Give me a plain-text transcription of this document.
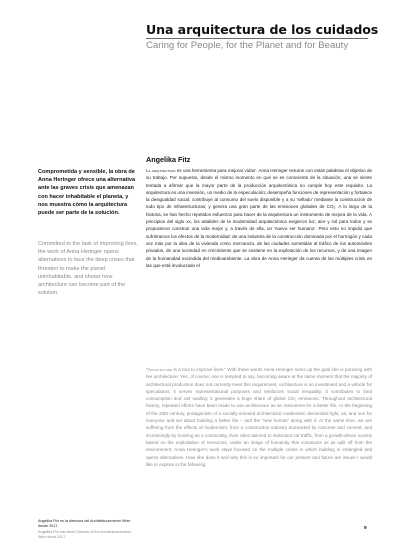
Una arquitectura de los cuidados
Caring for People, for the Planet and for Beauty
Comprometida y sensible, la obra de Anna Heringer ofrece una alternativa ante las graves crisis que amenazan con hacer inhabitable el planeta, y nos muestra cómo la arquitectura puede ser parte de la solución.
Committed to the task of improving lives, the work of Anna Heringer opens alternatives to face the deep crises that threaten to make the planet uninhabitable, and shows how architecture can become part of the solution.
Angelika Fitz
La arquitectura es una herramienta para mejorar vidas'. Anna Heringer resume con estas palabras el objetivo de su trabajo. Por supuesto, desde el mismo momento en que se es consciente de la situación, una se siente tentada a afirmar que la mayor parte de la producción arquitectónica no cumple hoy este requisito. La arquitectura es una inversión, un medio de la especulación; desempeña funciones de representación y fortalece la desigualdad social; contribuye al consumo del suelo disponible y a su 'sellado' mediante la construcción de todo tipo de infraestructuras; y genera una gran parte de las emisiones globales de CO₂. A lo largo de la historia, se han hecho repetidos esfuerzos para hacer de la arquitectura un instrumento de mejora de la vida. A principios del siglo xx, los adalides de la modernidad arquitectónica exigieron luz, aire y sol para todos y se propusieron construir una vida mejor y, a través de ella, un 'nuevo ser humano'. Pero esto no impidió que sufriéramos los efectos de la modernidad: de una industria de la construcción dominada por el hormigón y cada vez más por la idea de la vivienda como mercancía, de las ciudades sometidas al tráfico de los automóviles privados, de una sociedad en crecimiento que se sostiene en la explotación de los recursos, y de una imagen de la humanidad escindida del medioambiente. La obra de Anna Heringer da cuenta de las múltiples crisis en las que está involucrado el
“Architecture is a tool to improve lives.” With these words Anna Heringer sums up the goal she is pursuing with her architecture. Yes, of course; one is tempted to say, becoming aware at the same moment that the majority of architectural production does not currently meet this requirement. Architecture is an investment and a vehicle for speculation; it serves representational purposes and reinforces social inequality; it contributes to land consumption and soil sealing; it generates a huge share of global CO₂ emissions. Throughout architectural history, repeated efforts have been made to use architecture as an instrument for a better life. At the beginning of the 20th century, protagonists of a socially-oriented architectural modernism demanded light, air, and sun for everyone and set about building a better life – and the “new human” along with it. At the same time, we are suffering from the effects of modernism, from a construction industry dominated by concrete and cement, and increasingly by housing as a commodity, from cities tailored to individual car traffic, from a growth-driven society based on the exploitation of resources, under an image of humanity that constructs us as split off from the environment. Anna Heringer's work stays focused on the multiple crises in which building is entangled and opens alternatives. How she does it and why this is so important for our present and future are issues I would like to explore in the following.
Angelika Fitz es la directora del Architekturzentrum Wien desde 2017.
Angelika Fitz has been Director of the Architekturzentrum Wien since 2017.
9
